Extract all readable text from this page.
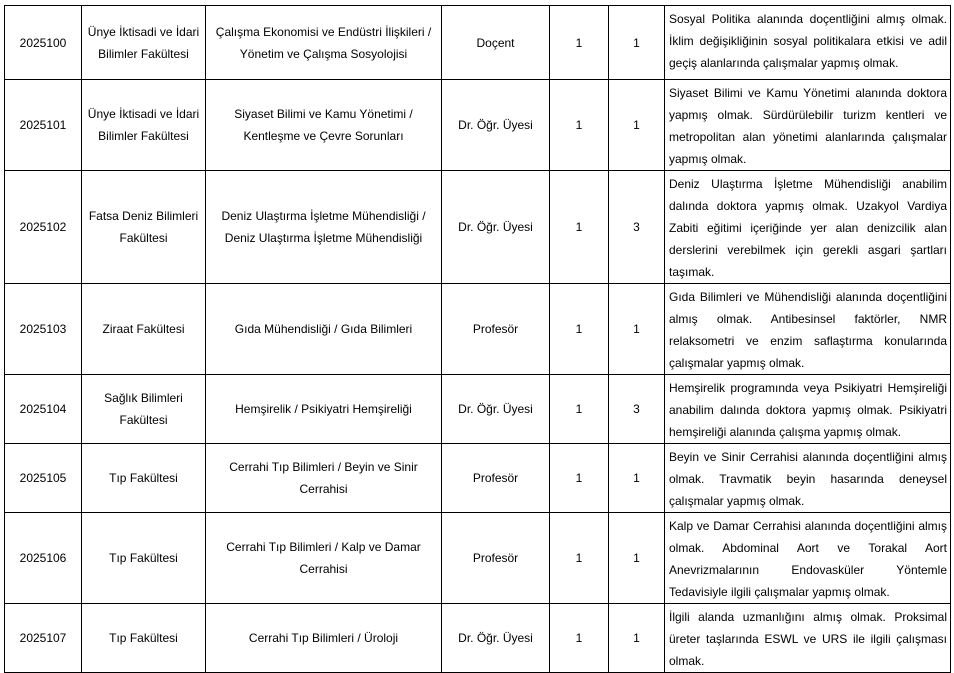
2025100	Ünye İktisadi ve İdari Bilimler Fakültesi	Çalışma Ekonomisi ve Endüstri İlişkileri / Yönetim ve Çalışma Sosyolojisi	Doçent	1	1	Sosyal Politika alanında doçentliğini almış olmak. İklim değişikliğinin sosyal politikalara etkisi ve adil geçiş alanlarında çalışmalar yapmış olmak.
2025101	Ünye İktisadi ve İdari Bilimler Fakültesi	Siyaset Bilimi ve Kamu Yönetimi / Kentleşme ve Çevre Sorunları	Dr. Öğr. Üyesi	1	1	Siyaset Bilimi ve Kamu Yönetimi alanında doktora yapmış olmak. Sürdürülebilir turizm kentleri ve metropolitan alan yönetimi alanlarında çalışmalar yapmış olmak.
2025102	Fatsa Deniz Bilimleri Fakültesi	Deniz Ulaştırma İşletme Mühendisliği / Deniz Ulaştırma İşletme Mühendisliği	Dr. Öğr. Üyesi	1	3	Deniz Ulaştırma İşletme Mühendisliği anabilim dalında doktora yapmış olmak. Uzakyol Vardiya Zabiti eğitimi içeriğinde yer alan denizcilik alan derslerini verebilmek için gerekli asgari şartları taşımak.
2025103	Ziraat Fakültesi	Gıda Mühendisliği / Gıda Bilimleri	Profesör	1	1	Gıda Bilimleri ve Mühendisliği alanında doçentliğini almış olmak. Antibesinsel faktörler, NMR relaksometri ve enzim saflaştırma konularında çalışmalar yapmış olmak.
2025104	Sağlık Bilimleri Fakültesi	Hemşirelik / Psikiyatri Hemşireliği	Dr. Öğr. Üyesi	1	3	Hemşirelik programında veya Psikiyatri Hemşireliği anabilim dalında doktora yapmış olmak. Psikiyatri hemşireliği alanında çalışma yapmış olmak.
2025105	Tıp Fakültesi	Cerrahi Tıp Bilimleri / Beyin ve Sinir Cerrahisi	Profesör	1	1	Beyin ve Sinir Cerrahisi alanında doçentliğini almış olmak. Travmatik beyin hasarında deneysel çalışmalar yapmış olmak.
2025106	Tıp Fakültesi	Cerrahi Tıp Bilimleri / Kalp ve Damar Cerrahisi	Profesör	1	1	Kalp ve Damar Cerrahisi alanında doçentliğini almış olmak. Abdominal Aort ve Torakal Aort Anevrizmalarının Endovasküler Yöntemle Tedavisiyle ilgili çalışmalar yapmış olmak.
2025107	Tıp Fakültesi	Cerrahi Tıp Bilimleri / Üroloji	Dr. Öğr. Üyesi	1	1	İlgili alanda uzmanlığını almış olmak. Proksimal üreter taşlarında ESWL ve URS ile ilgili çalışması olmak.
